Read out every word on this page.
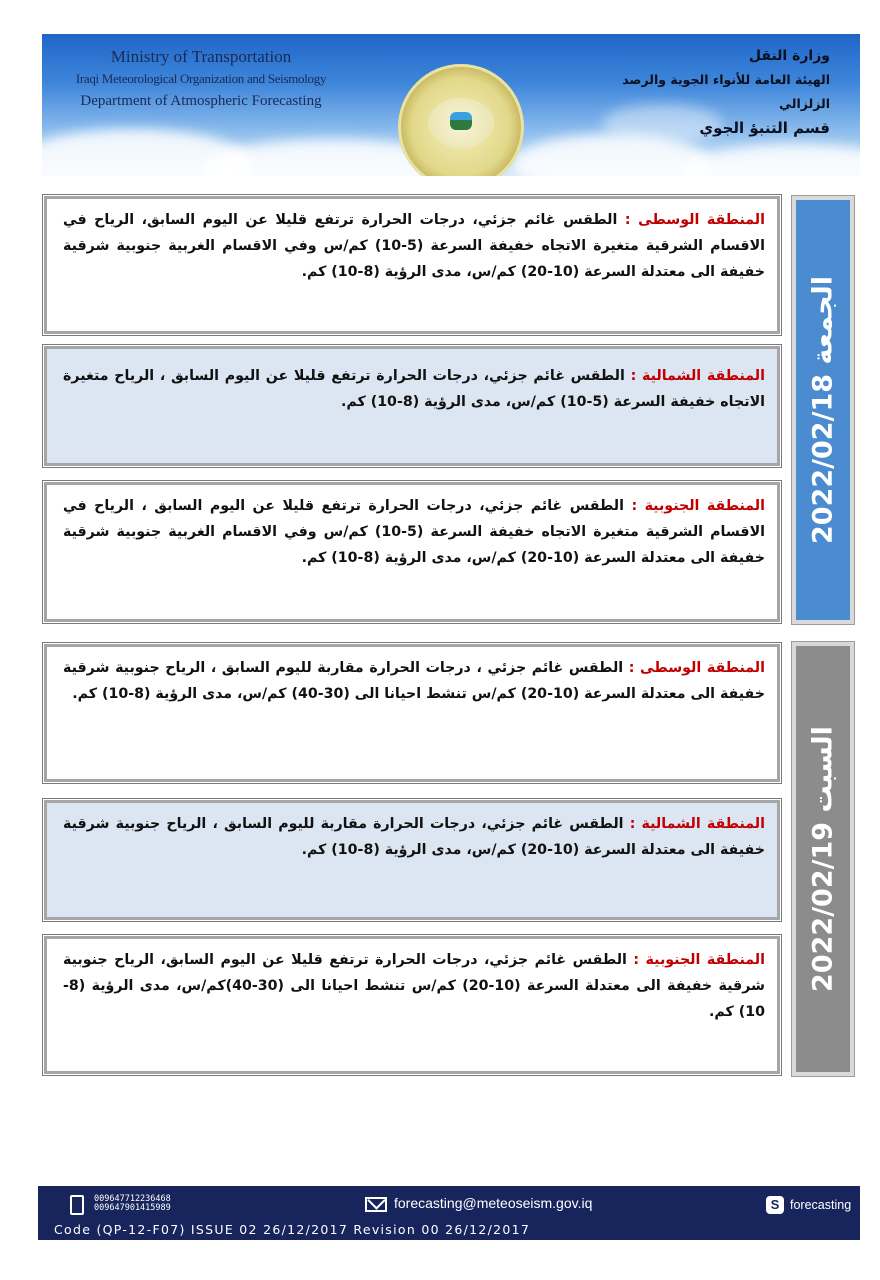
Ministry of Transportation
Iraqi Meteorological Organization and Seismology
Department of Atmospheric Forecasting
وزارة النقل
الهيئة العامة للأنواء الجوية والرصد الزلزالي
قسم التنبؤ الجوي
الجمعة 2022/02/18
السبت 2022/02/19
المنطقة الوسطى : الطقس غائم جزئي، درجات الحرارة ترتفع قليلا عن اليوم السابق، الرياح في الاقسام الشرقية متغيرة الاتجاه خفيفة السرعة (5-10) كم/س وفي الاقسام الغربية جنوبية شرقية خفيفة الى معتدلة السرعة (10-20) كم/س، مدى الرؤية (8-10) كم.
المنطقة الشمالية : الطقس غائم جزئي، درجات الحرارة ترتفع قليلا عن اليوم السابق ، الرياح متغيرة الاتجاه خفيفة السرعة (5-10) كم/س، مدى الرؤية (8-10) كم.
المنطقة الجنوبية : الطقس غائم جزئي، درجات الحرارة ترتفع قليلا عن اليوم السابق ، الرياح في الاقسام الشرقية متغيرة الاتجاه خفيفة السرعة (5-10) كم/س وفي الاقسام الغربية جنوبية شرقية خفيفة الى معتدلة السرعة (10-20) كم/س، مدى الرؤية (8-10) كم.
المنطقة الوسطى : الطقس غائم جزئي ، درجات الحرارة مقاربة لليوم السابق ، الرياح جنوبية شرقية خفيفة الى معتدلة السرعة (10-20) كم/س تنشط احيانا الى (30-40) كم/س، مدى الرؤية (8-10) كم.
المنطقة الشمالية : الطقس غائم جزئي، درجات الحرارة مقاربة لليوم السابق ، الرياح جنوبية شرقية خفيفة الى معتدلة السرعة (10-20) كم/س، مدى الرؤية (8-10) كم.
المنطقة الجنوبية : الطقس غائم جزئي، درجات الحرارة ترتفع قليلا عن اليوم السابق، الرياح جنوبية شرقية خفيفة الى معتدلة السرعة (10-20) كم/س تنشط احيانا الى (30-40)كم/س، مدى الرؤية (8-10) كم.
009647712236468
009647901415989	forecasting@meteoseism.gov.iq	S forecasting
Code (QP-12-F07) ISSUE 02 26/12/2017 Revision 00 26/12/2017
